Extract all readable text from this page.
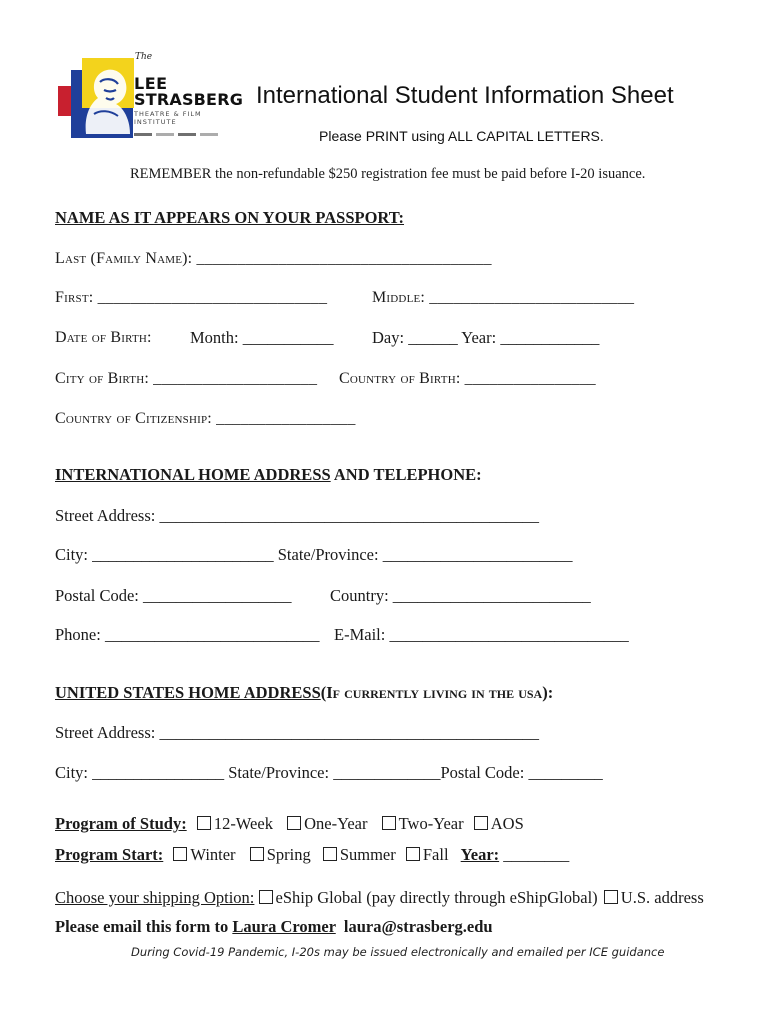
The
LEE
STRASBERG
THEATRE & FILM INSTITUTE
International Student Information Sheet
Please PRINT using ALL CAPITAL LETTERS.
REMEMBER the non-refundable $250 registration fee must be paid before I-20 isuance.
NAME AS IT APPEARS ON YOUR PASSPORT:
Last (Family Name): ____________________________________
First: ____________________________	Middle: _________________________
Date of Birth: Month: ___________ Day: ______ Year: ____________
City of Birth: ____________________ Country of Birth: ________________
Country of Citizenship: _________________
INTERNATIONAL HOME ADDRESS AND TELEPHONE:
Street Address: ______________________________________________
City: ______________________ State/Province: _______________________
Postal Code: __________________ Country: ________________________
Phone: __________________________ E-Mail: _____________________________
UNITED STATES HOME ADDRESS(If currently living in the usa):
Street Address: ______________________________________________
City: ________________ State/Province: _____________Postal Code: _________
Program of Study: 12-Week One-Year Two-Year AOS
Program Start: Winter Spring Summer Fall Year: ________
Choose your shipping Option: eShip Global (pay directly through eShipGlobal) U.S. address
Please email this form to Laura Cromer laura@strasberg.edu
During Covid-19 Pandemic, I-20s may be issued electronically and emailed per ICE guidance
